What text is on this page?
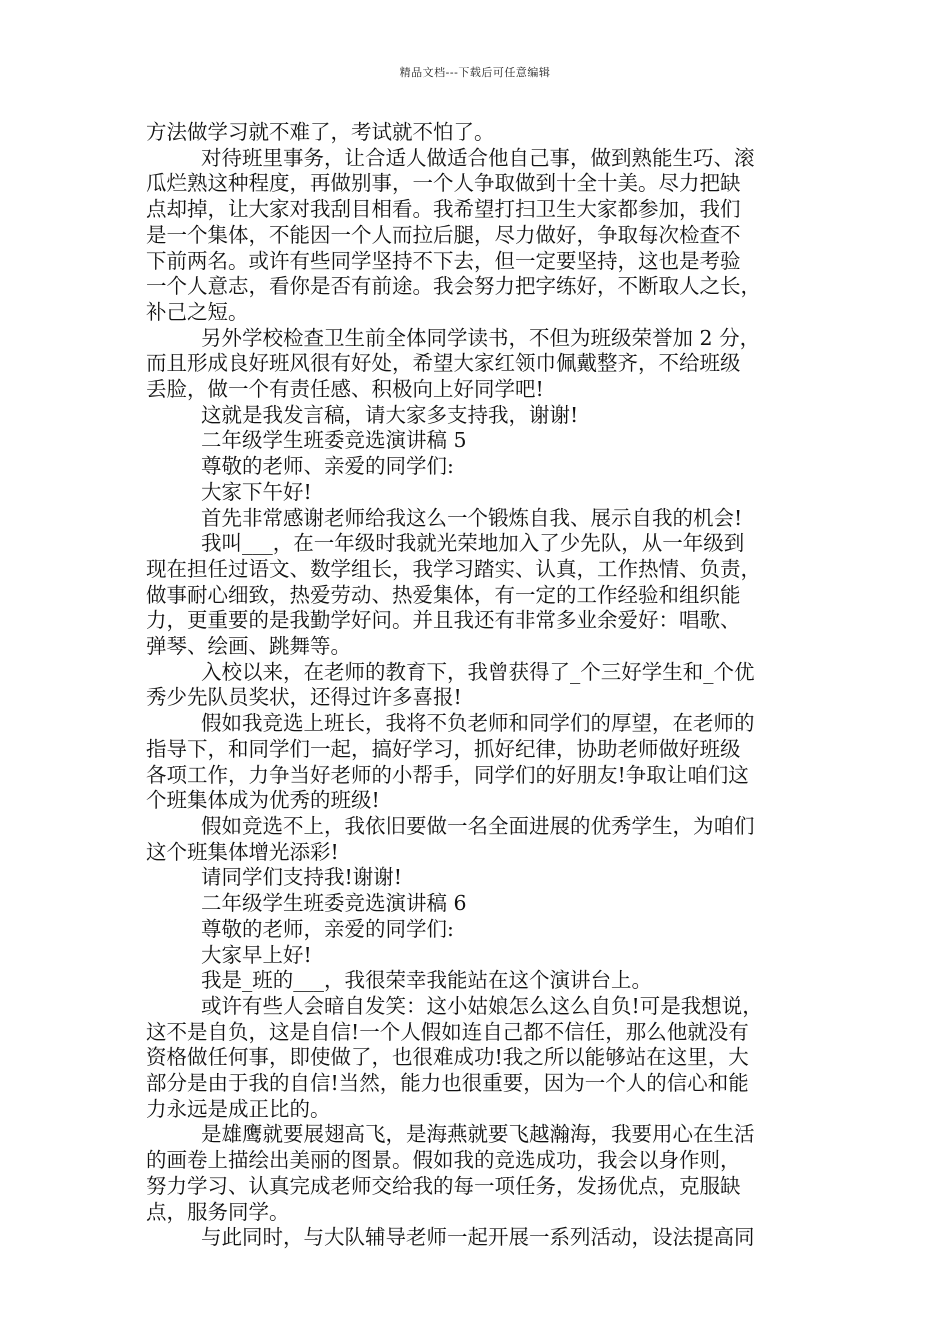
精品文档---下载后可任意编辑
方法做学习就不难了，考试就不怕了。
对待班里事务，让合适人做适合他自己事，做到熟能生巧、滚
瓜烂熟这种程度，再做别事，一个人争取做到十全十美。尽力把缺
点却掉，让大家对我刮目相看。我希望打扫卫生大家都参加，我们
是一个集体，不能因一个人而拉后腿，尽力做好，争取每次检查不
下前两名。或许有些同学坚持不下去，但一定要坚持，这也是考验
一个人意志，看你是否有前途。我会努力把字练好，不断取人之长，
补己之短。
另外学校检查卫生前全体同学读书，不但为班级荣誉加 2 分，
而且形成良好班风很有好处，希望大家红领巾佩戴整齐，不给班级
丢脸，做一个有责任感、积极向上好同学吧!
这就是我发言稿，请大家多支持我，谢谢!
二年级学生班委竞选演讲稿 5
尊敬的老师、亲爱的同学们:
大家下午好!
首先非常感谢老师给我这么一个锻炼自我、展示自我的机会!
我叫___，在一年级时我就光荣地加入了少先队，从一年级到
现在担任过语文、数学组长，我学习踏实、认真，工作热情、负责，
做事耐心细致，热爱劳动、热爱集体，有一定的工作经验和组织能
力，更重要的是我勤学好问。并且我还有非常多业余爱好：唱歌、
弹琴、绘画、跳舞等。
入校以来，在老师的教育下，我曾获得了_个三好学生和_个优
秀少先队员奖状，还得过许多喜报!
假如我竞选上班长，我将不负老师和同学们的厚望，在老师的
指导下，和同学们一起，搞好学习，抓好纪律，协助老师做好班级
各项工作，力争当好老师的小帮手，同学们的好朋友!争取让咱们这
个班集体成为优秀的班级!
假如竞选不上，我依旧要做一名全面进展的优秀学生，为咱们
这个班集体增光添彩!
请同学们支持我!谢谢!
二年级学生班委竞选演讲稿 6
尊敬的老师，亲爱的同学们:
大家早上好!
我是_班的___，我很荣幸我能站在这个演讲台上。
或许有些人会暗自发笑：这小姑娘怎么这么自负!可是我想说，
这不是自负，这是自信!一个人假如连自己都不信任，那么他就没有
资格做任何事，即使做了，也很难成功!我之所以能够站在这里，大
部分是由于我的自信!当然，能力也很重要，因为一个人的信心和能
力永远是成正比的。
是雄鹰就要展翅高飞，是海燕就要飞越瀚海，我要用心在生活
的画卷上描绘出美丽的图景。假如我的竞选成功，我会以身作则，
努力学习、认真完成老师交给我的每一项任务，发扬优点，克服缺
点，服务同学。
与此同时，与大队辅导老师一起开展一系列活动，设法提高同
